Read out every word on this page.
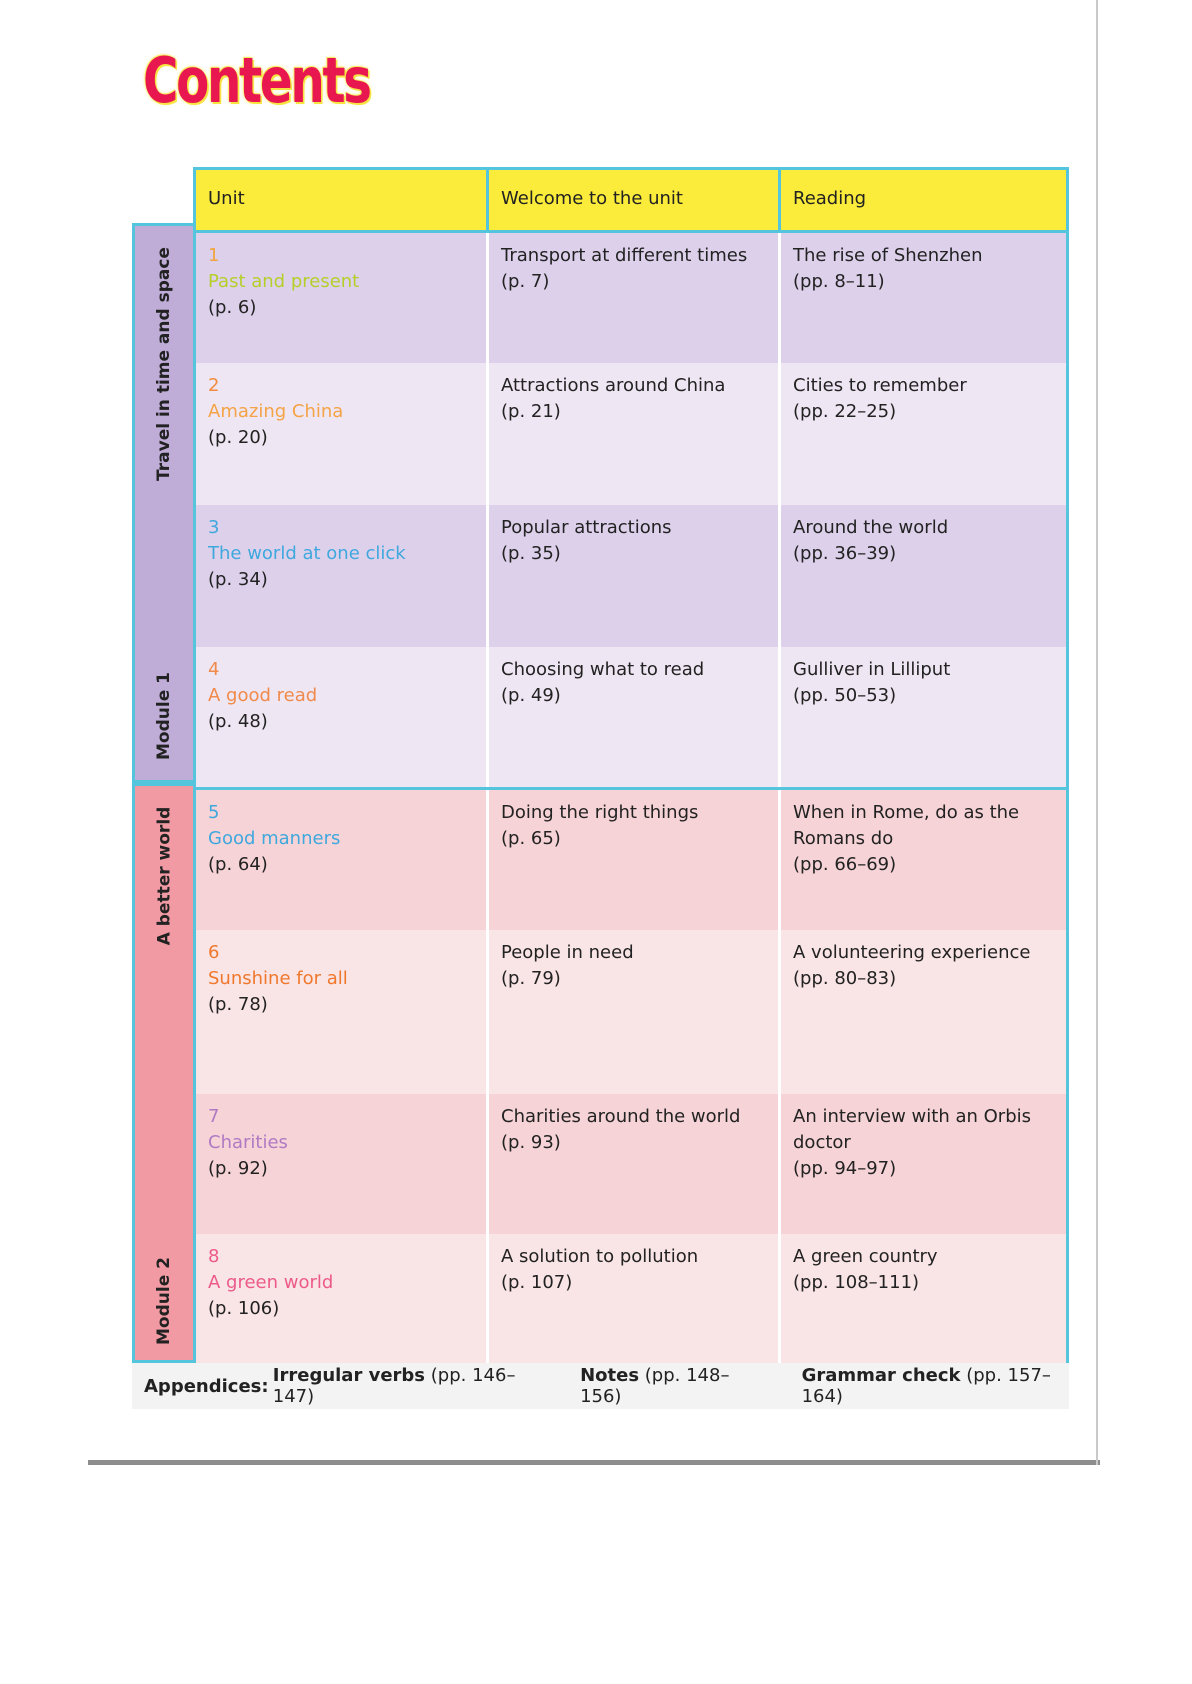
Contents
Travel in time and space
Module 1
A better world
Module 2
Unit	Welcome to the unit	Reading
1
Past and present
(p. 6)
Transport at different times
(p. 7)
The rise of Shenzhen
(pp. 8–11)
2
Amazing China
(p. 20)
Attractions around China
(p. 21)
Cities to remember
(pp. 22–25)
3
The world at one click
(p. 34)
Popular attractions
(p. 35)
Around the world
(pp. 36–39)
4
A good read
(p. 48)
Choosing what to read
(p. 49)
Gulliver in Lilliput
(pp. 50–53)
5
Good manners
(p. 64)
Doing the right things
(p. 65)
When in Rome, do as the Romans do
(pp. 66–69)
6
Sunshine for all
(p. 78)
People in need
(p. 79)
A volunteering experience
(pp. 80–83)
7
Charities
(p. 92)
Charities around the world
(p. 93)
An interview with an Orbis doctor
(pp. 94–97)
8
A green world
(p. 106)
A solution to pollution
(p. 107)
A green country
(pp. 108–111)
Appendices: Irregular verbs (pp. 146–147)
Notes (pp. 148–156)
Grammar check (pp. 157–164)
